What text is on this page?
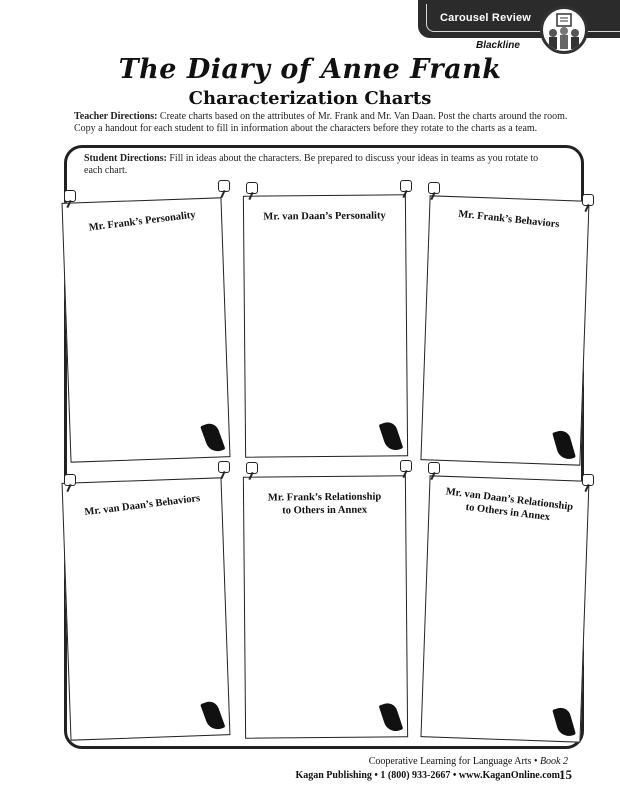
Carousel Review
Blackline
The Diary of Anne Frank
Characterization Charts
Teacher Directions: Create charts based on the attributes of Mr. Frank and Mr. Van Daan. Post the charts around the room. Copy a handout for each student to fill in information about the characters before they rotate to the charts as a team.
Student Directions: Fill in ideas about the characters. Be prepared to discuss your ideas in teams as you rotate to each chart.
Mr. Frank’s Personality	Mr. van Daan’s Personality	Mr. Frank’s Behaviors
Mr. van Daan’s Behaviors	Mr. Frank’s Relationship to Others in Annex	Mr. van Daan’s Relationship to Others in Annex
Cooperative Learning for Language Arts • Book 2
Kagan Publishing • 1 (800) 933-2667 • www.KaganOnline.com 15
